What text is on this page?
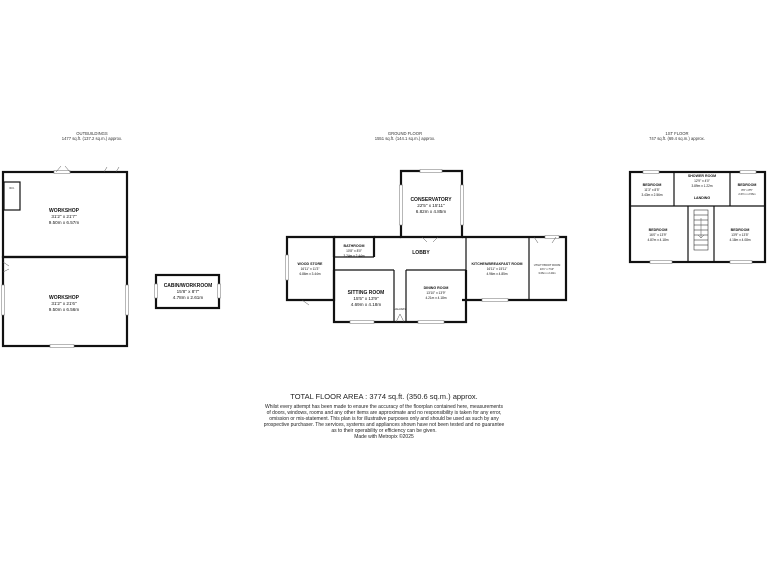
OUTBUILDINGS
1477 sq.ft. (137.2 sq.m.) approx.
GROUND FLOOR
1551 sq.ft. (144.1 sq.m.) approx.
1ST FLOOR
747 sq.ft. (69.4 sq.m.) approx.
W.C.
WORKSHOP
31'2" x 21'7"
9.50m x 6.57m
WORKSHOP
31'2" x 21'6"
9.50m x 6.56m
CABIN/WORKROOM
15'8" x 8'7"
4.78m x 2.61m
CONSERVATORY
22'5" x 15'11"
6.82m x 4.85m
BATHROOM
10'8" x 8'0"
3.24m x 2.44m	LOBBY
WOOD STORE
16'11" x 11'3"
6.86m x 3.44m
SITTING ROOM
15'5" x 13'9"
4.69m x 4.18m
DINING ROOM
13'10" x 13'9"
4.21m x 4.18m
HALLWAY
KITCHEN/BREAKFAST ROOM
16'11" x 15'11"
4.96m x 4.85m
UTILITY/BOOT ROOM
10'1" x 7'10"
3.06m x 2.40m
BEDROOM
11'3" x 8'5"
3.43m x 2.56m
SHOWER ROOM
12'9" x 4'0"
3.89m x 1.22m	BEDROOM
8'9" x 8'5"
2.67m x 2.56m
LANDING
BEDROOM
16'0" x 13'9"
4.87m x 4.18m
BEDROOM
13'9" x 13'5"
4.18m x 4.08m
TOTAL FLOOR AREA : 3774 sq.ft. (350.6 sq.m.) approx.
Whilst every attempt has been made to ensure the accuracy of the floorplan contained here, measurements
of doors, windows, rooms and any other items are approximate and no responsibility is taken for any error,
omission or mis-statement. This plan is for illustrative purposes only and should be used as such by any
prospective purchaser. The services, systems and appliances shown have not been tested and no guarantee
as to their operability or efficiency can be given.
Made with Metropix ©2025
